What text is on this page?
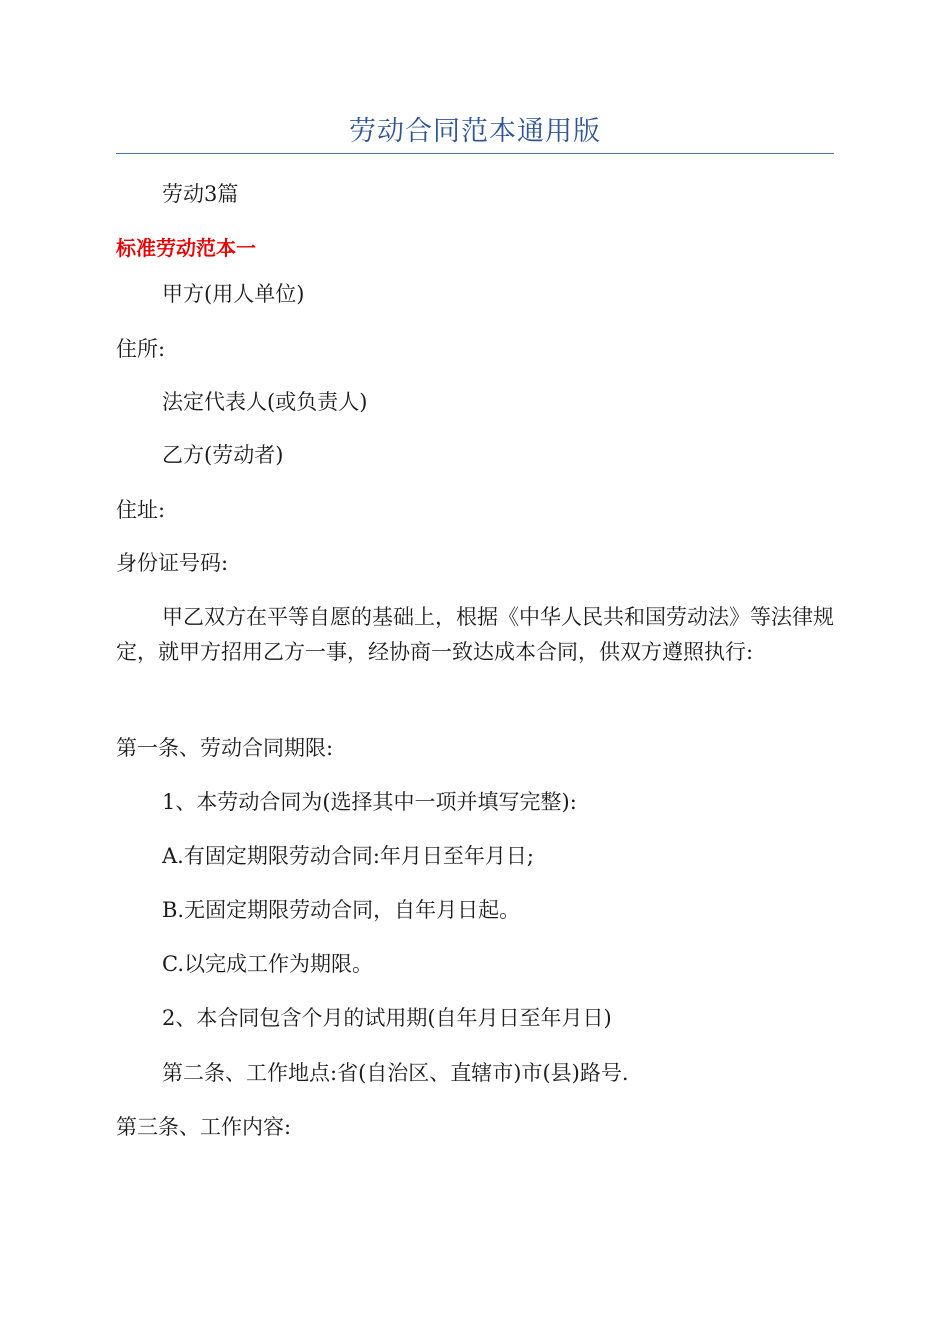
劳动合同范本通用版
劳动3篇
标准劳动范本一
甲方(用人单位)
住所:
法定代表人(或负责人)
乙方(劳动者)
住址:
身份证号码:
甲乙双方在平等自愿的基础上，根据《中华人民共和国劳动法》等法律规定，就甲方招用乙方一事，经协商一致达成本合同，供双方遵照执行:
第一条、劳动合同期限:
1、本劳动合同为(选择其中一项并填写完整):
A.有固定期限劳动合同:年月日至年月日;
B.无固定期限劳动合同，自年月日起。
C.以完成工作为期限。
2、本合同包含个月的试用期(自年月日至年月日)
第二条、工作地点:省(自治区、直辖市)市(县)路号.
第三条、工作内容:
